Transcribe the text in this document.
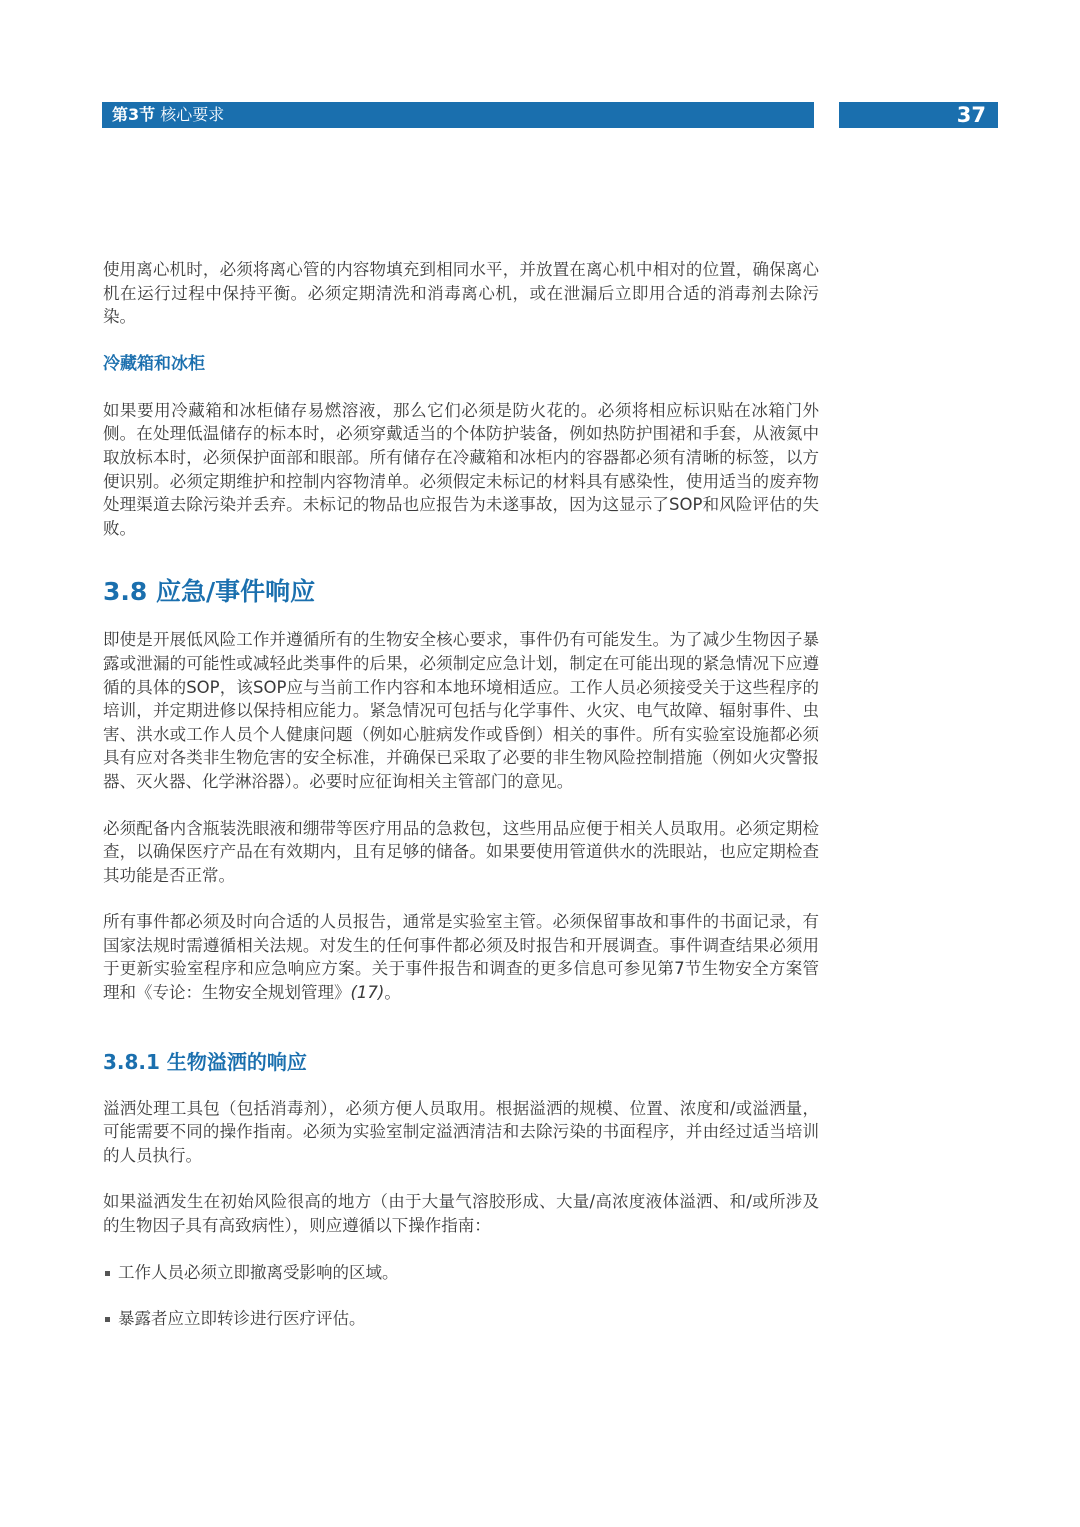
第3节 核心要求	37

使用离心机时，必须将离心管的内容物填充到相同水平，并放置在离心机中相对的位置，确保离心机在运行过程中保持平衡。必须定期清洗和消毒离心机，或在泄漏后立即用合适的消毒剂去除污染。

冷藏箱和冰柜

如果要用冷藏箱和冰柜储存易燃溶液，那么它们必须是防火花的。必须将相应标识贴在冰箱门外侧。在处理低温储存的标本时，必须穿戴适当的个体防护装备，例如热防护围裙和手套，从液氮中取放标本时，必须保护面部和眼部。所有储存在冷藏箱和冰柜内的容器都必须有清晰的标签，以方便识别。必须定期维护和控制内容物清单。必须假定未标记的材料具有感染性，使用适当的废弃物处理渠道去除污染并丢弃。未标记的物品也应报告为未遂事故，因为这显示了SOP和风险评估的失败。

3.8 应急/事件响应

即使是开展低风险工作并遵循所有的生物安全核心要求，事件仍有可能发生。为了减少生物因子暴露或泄漏的可能性或减轻此类事件的后果，必须制定应急计划，制定在可能出现的紧急情况下应遵循的具体的SOP，该SOP应与当前工作内容和本地环境相适应。工作人员必须接受关于这些程序的培训，并定期进修以保持相应能力。紧急情况可包括与化学事件、火灾、电气故障、辐射事件、虫害、洪水或工作人员个人健康问题（例如心脏病发作或昏倒）相关的事件。所有实验室设施都必须具有应对各类非生物危害的安全标准，并确保已采取了必要的非生物风险控制措施（例如火灾警报器、灭火器、化学淋浴器）。必要时应征询相关主管部门的意见。

必须配备内含瓶装洗眼液和绷带等医疗用品的急救包，这些用品应便于相关人员取用。必须定期检查，以确保医疗产品在有效期内，且有足够的储备。如果要使用管道供水的洗眼站，也应定期检查其功能是否正常。

所有事件都必须及时向合适的人员报告，通常是实验室主管。必须保留事故和事件的书面记录，有国家法规时需遵循相关法规。对发生的任何事件都必须及时报告和开展调查。事件调查结果必须用于更新实验室程序和应急响应方案。关于事件报告和调查的更多信息可参见第7节生物安全方案管理和《专论：生物安全规划管理》(17)。

3.8.1 生物溢洒的响应

溢洒处理工具包（包括消毒剂），必须方便人员取用。根据溢洒的规模、位置、浓度和/或溢洒量，可能需要不同的操作指南。必须为实验室制定溢洒清洁和去除污染的书面程序，并由经过适当培训的人员执行。

如果溢洒发生在初始风险很高的地方（由于大量气溶胶形成、大量/高浓度液体溢洒、和/或所涉及的生物因子具有高致病性），则应遵循以下操作指南：

工作人员必须立即撤离受影响的区域。
暴露者应立即转诊进行医疗评估。
